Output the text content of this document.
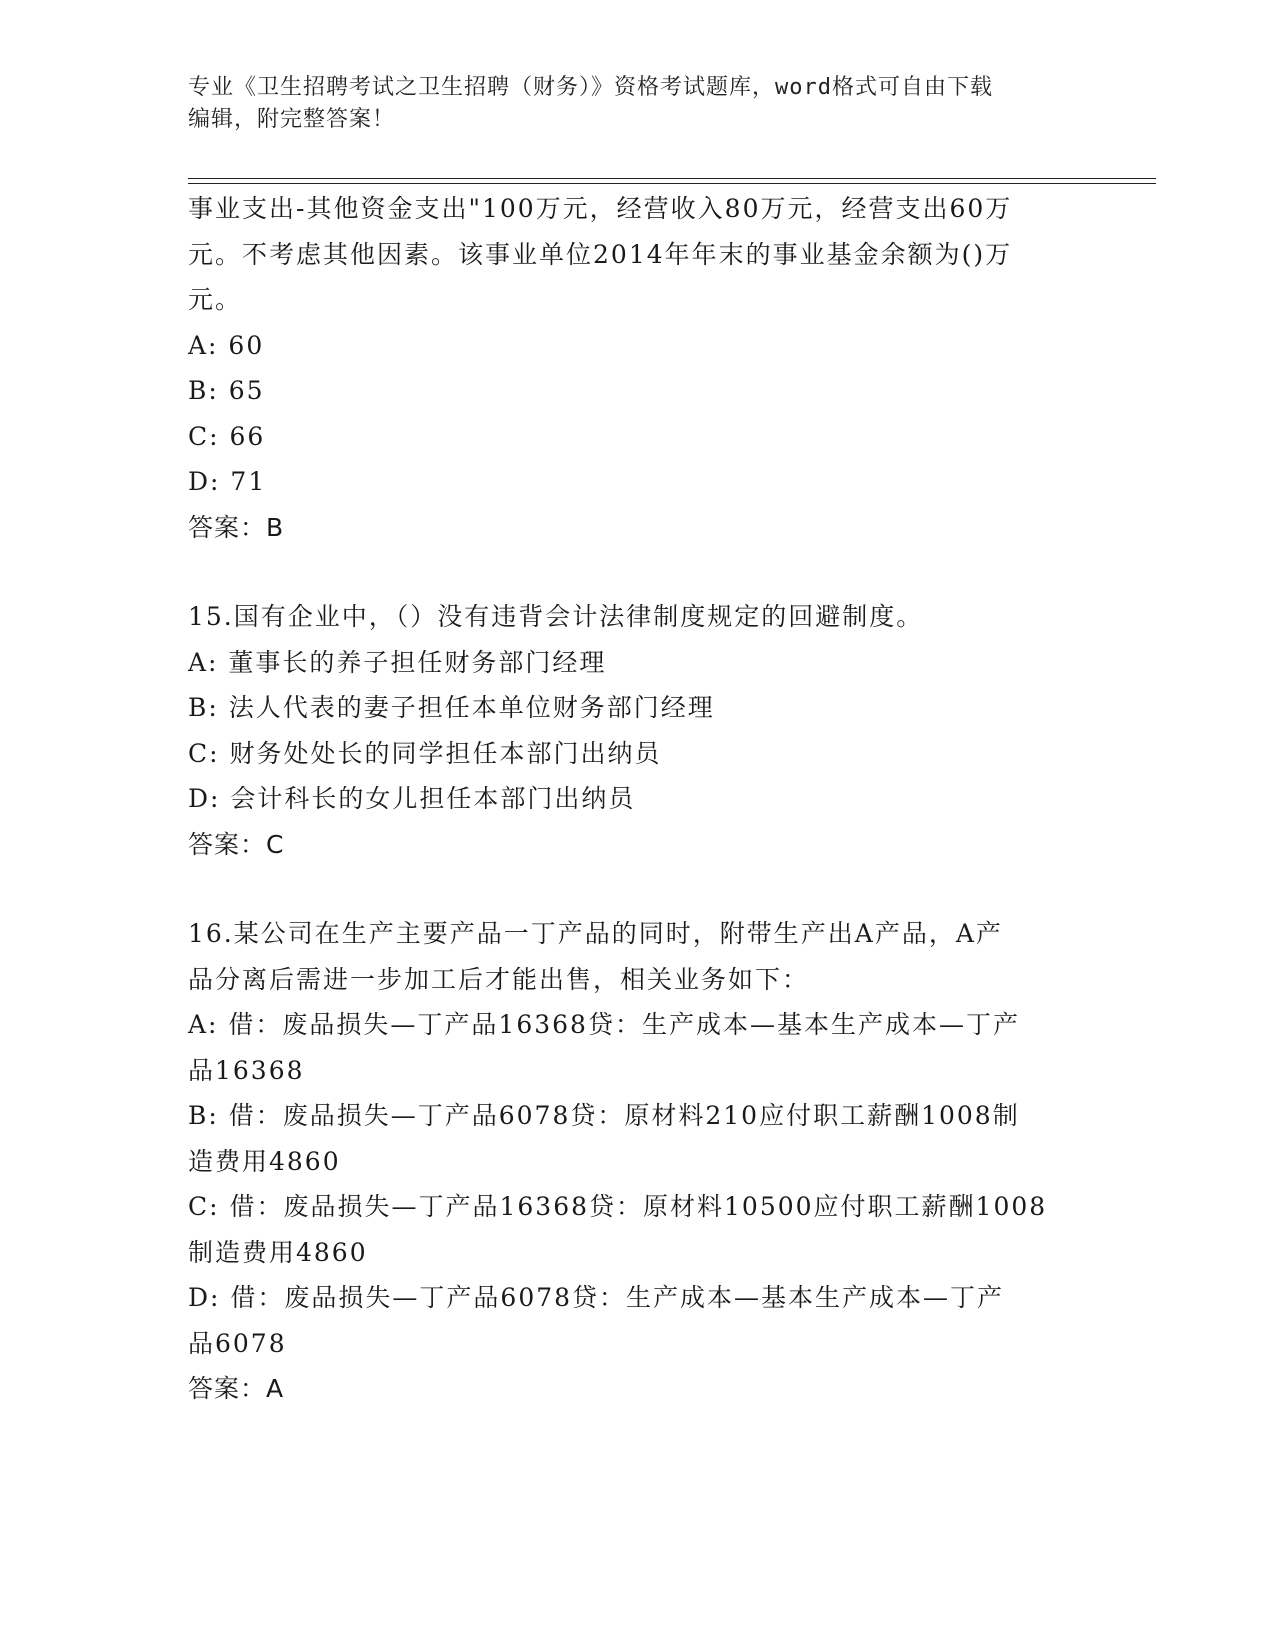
专业《卫生招聘考试之卫生招聘（财务）》资格考试题库，word格式可自由下载
编辑，附完整答案！
事业支出-其他资金支出"100万元，经营收入80万元，经营支出60万
元。不考虑其他因素。该事业单位2014年年末的事业基金余额为()万
元。
A: 60
B: 65
C: 66
D: 71
答案：B
15.国有企业中，（）没有违背会计法律制度规定的回避制度。
A: 董事长的养子担任财务部门经理
B: 法人代表的妻子担任本单位财务部门经理
C: 财务处处长的同学担任本部门出纳员
D: 会计科长的女儿担任本部门出纳员
答案：C
16.某公司在生产主要产品一丁产品的同时，附带生产出A产品，A产
品分离后需进一步加工后才能出售，相关业务如下：
A: 借：废品损失—丁产品16368贷：生产成本—基本生产成本—丁产
品16368
B: 借：废品损失—丁产品6078贷：原材料210应付职工薪酬1008制
造费用4860
C: 借：废品损失—丁产品16368贷：原材料10500应付职工薪酬1008
制造费用4860
D: 借：废品损失—丁产品6078贷：生产成本—基本生产成本—丁产
品6078
答案：A
